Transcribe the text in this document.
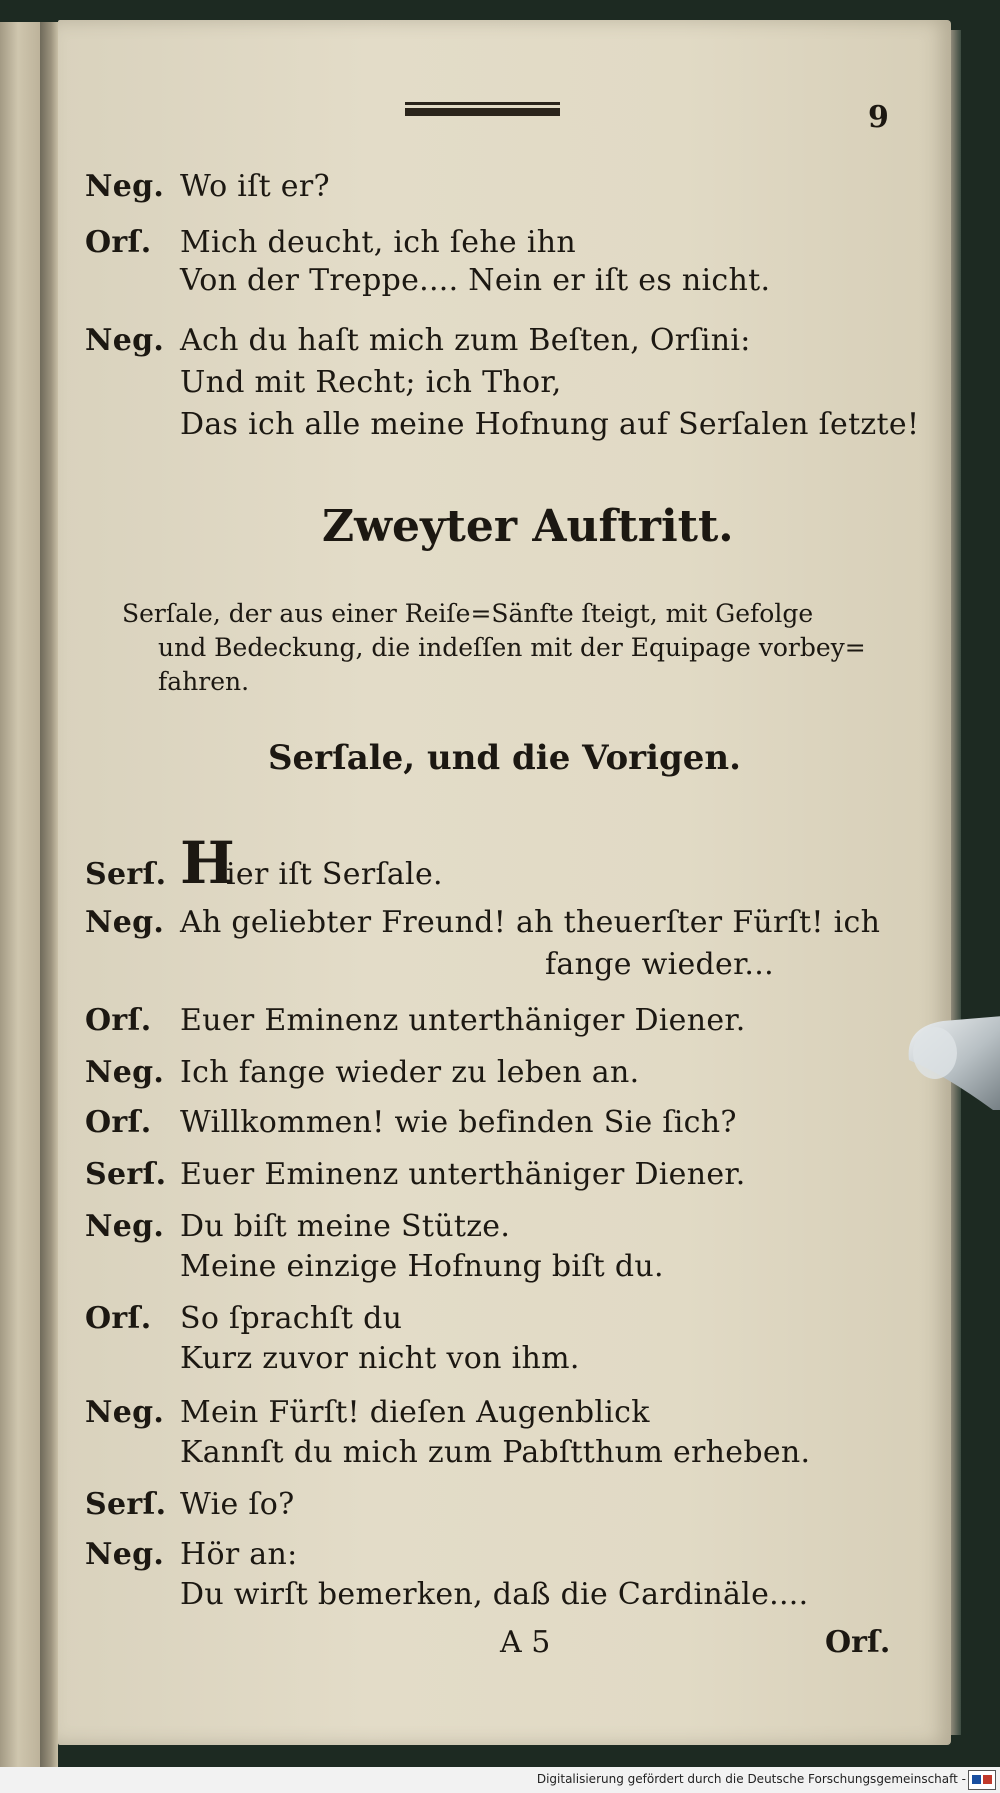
9
Neg. Wo iſt er?
Orſ. Mich deucht, ich ſehe ihn
Von der Treppe.... Nein er iſt es nicht.
Neg. Ach du haſt mich zum Beſten, Orſini:
Und mit Recht; ich Thor,
Das ich alle meine Hofnung auf Serſalen ſetzte!
Zweyter Auftritt.
Serſale, der aus einer Reiſe=Sänfte ſteigt, mit Gefolge
und Bedeckung, die indeſſen mit der Equipage vorbey=
fahren.
Serſale, und die Vorigen.
Serſ. H
ier iſt Serſale.
Neg. Ah geliebter Freund! ah theuerſter Fürſt! ich
fange wieder...
Orſ. Euer Eminenz unterthäniger Diener.
Neg. Ich fange wieder zu leben an.
Orſ. Willkommen! wie befinden Sie ſich?
Serſ. Euer Eminenz unterthäniger Diener.
Neg. Du biſt meine Stütze.
Meine einzige Hofnung biſt du.
Orſ. So ſprachſt du
Kurz zuvor nicht von ihm.
Neg. Mein Fürſt! dieſen Augenblick
Kannſt du mich zum Pabſtthum erheben.
Serſ. Wie ſo?
Neg. Hör an:
Du wirſt bemerken, daß die Cardinäle....
A 5	Orſ.
Digitalisierung gefördert durch die Deutsche Forschungsgemeinschaft -
